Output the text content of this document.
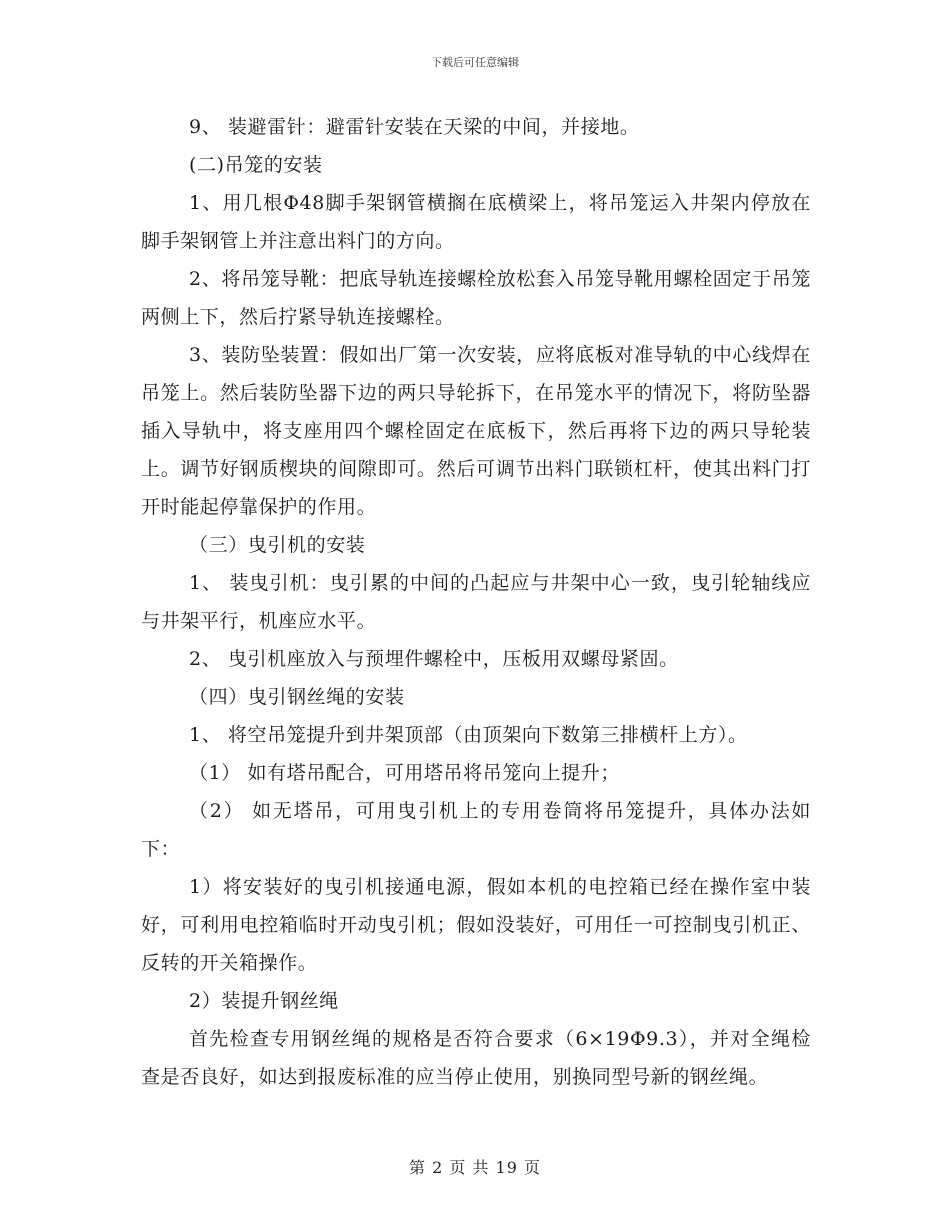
下载后可任意编辑

9、 装避雷针：避雷针安装在天梁的中间，并接地。

(二)吊笼的安装

1、用几根Φ48脚手架钢管横搁在底横梁上，将吊笼运入井架内停放在脚手架钢管上并注意出料门的方向。

2、将吊笼导靴：把底导轨连接螺栓放松套入吊笼导靴用螺栓固定于吊笼两侧上下，然后拧紧导轨连接螺栓。

3、装防坠装置：假如出厂第一次安装，应将底板对准导轨的中心线焊在吊笼上。然后装防坠器下边的两只导轮拆下，在吊笼水平的情况下，将防坠器插入导轨中，将支座用四个螺栓固定在底板下，然后再将下边的两只导轮装上。调节好钢质楔块的间隙即可。然后可调节出料门联锁杠杆，使其出料门打开时能起停靠保护的作用。

（三）曳引机的安装

1、 装曳引机：曳引累的中间的凸起应与井架中心一致，曳引轮轴线应与井架平行，机座应水平。

2、 曳引机座放入与预埋件螺栓中，压板用双螺母紧固。

（四）曳引钢丝绳的安装

1、 将空吊笼提升到井架顶部（由顶架向下数第三排横杆上方）。

（1） 如有塔吊配合，可用塔吊将吊笼向上提升；

（2） 如无塔吊，可用曳引机上的专用卷筒将吊笼提升，具体办法如下：

1）将安装好的曳引机接通电源，假如本机的电控箱已经在操作室中装好，可利用电控箱临时开动曳引机；假如没装好，可用任一可控制曳引机正、反转的开关箱操作。

2）装提升钢丝绳

首先检查专用钢丝绳的规格是否符合要求（6×19Φ9.3），并对全绳检查是否良好，如达到报废标准的应当停止使用，别换同型号新的钢丝绳。

第 2 页 共 19 页
